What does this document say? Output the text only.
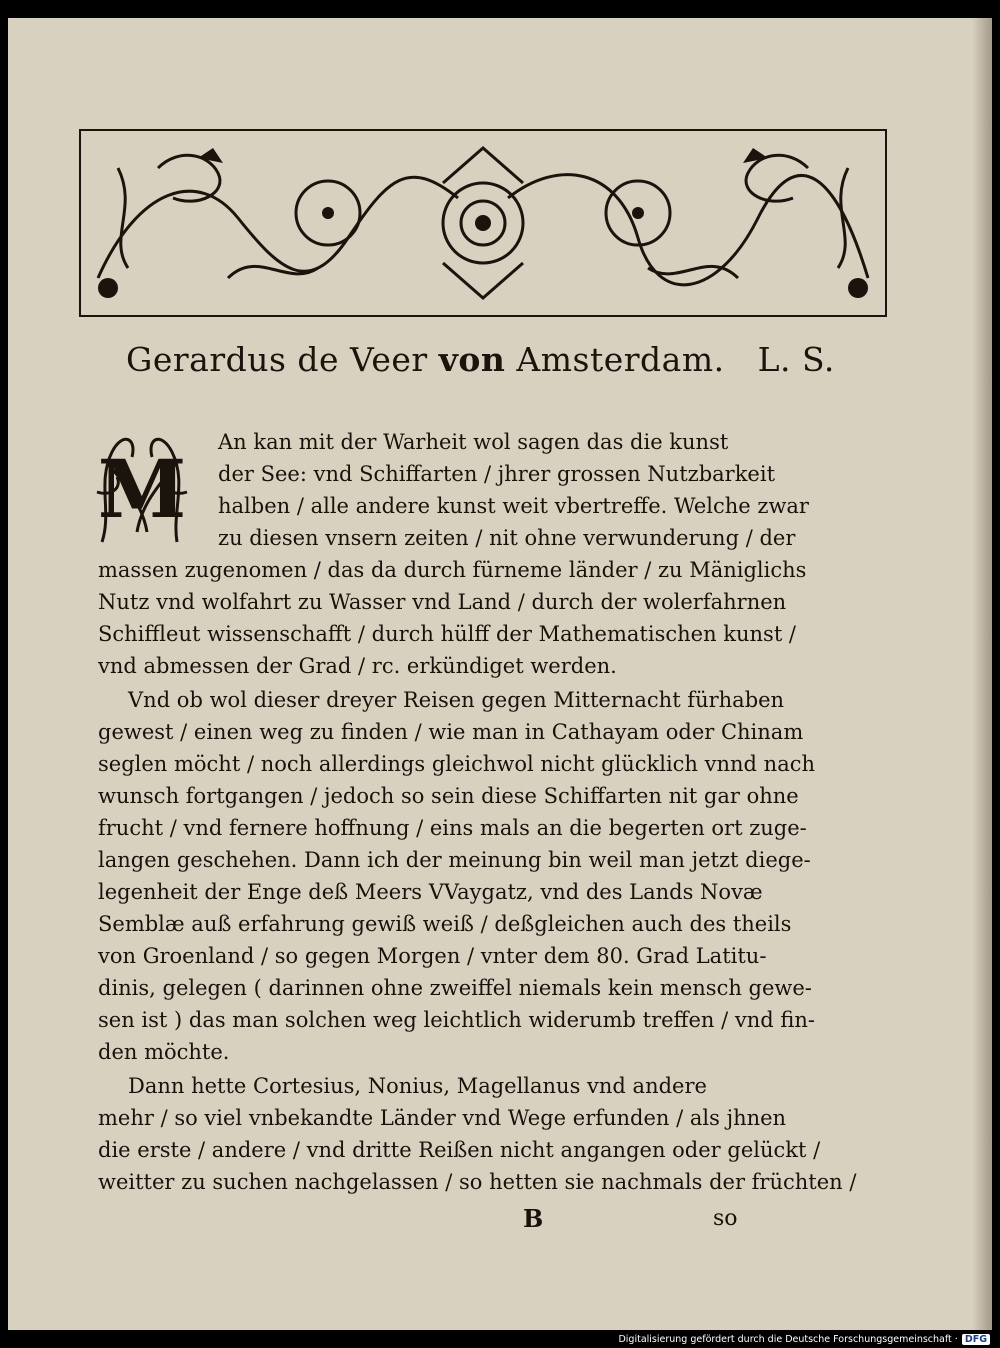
Gerardus de Veer von Amsterdam. L. S.
M An kan mit der Warheit wol sagen das die kunst
der See: vnd Schiffarten / jhrer grossen Nutzbarkeit
halben / alle andere kunst weit vbertreffe. Welche zwar
zu diesen vnsern zeiten / nit ohne verwunderung / der
massen zugenomen / das da durch fürneme länder / zu Mäniglichs
Nutz vnd wolfahrt zu Wasser vnd Land / durch der wolerfahrnen
Schiffleut wissenschafft / durch hülff der Mathematischen kunst /
vnd abmessen der Grad / rc. erkündiget werden.
Vnd ob wol dieser dreyer Reisen gegen Mitternacht fürhaben
gewest / einen weg zu finden / wie man in Cathayam oder Chinam
seglen möcht / noch allerdings gleichwol nicht glücklich vnnd nach
wunsch fortgangen / jedoch so sein diese Schiffarten nit gar ohne
frucht / vnd fernere hoffnung / eins mals an die begerten ort zuge-
langen geschehen. Dann ich der meinung bin weil man jetzt diege-
legenheit der Enge deß Meers VVaygatz, vnd des Lands Novæ
Semblæ auß erfahrung gewiß weiß / deßgleichen auch des theils
von Groenland / so gegen Morgen / vnter dem 80. Grad Latitu-
dinis, gelegen ( darinnen ohne zweiffel niemals kein mensch gewe-
sen ist ) das man solchen weg leichtlich widerumb treffen / vnd fin-
den möchte.
Dann hette Cortesius, Nonius, Magellanus vnd andere
mehr / so viel vnbekandte Länder vnd Wege erfunden / als jhnen
die erste / andere / vnd dritte Reißen nicht angangen oder gelückt /
weitter zu suchen nachgelassen / so hetten sie nachmals der früchten /
B	so
Digitalisierung gefördert durch die Deutsche Forschungsgemeinschaft · DFG
